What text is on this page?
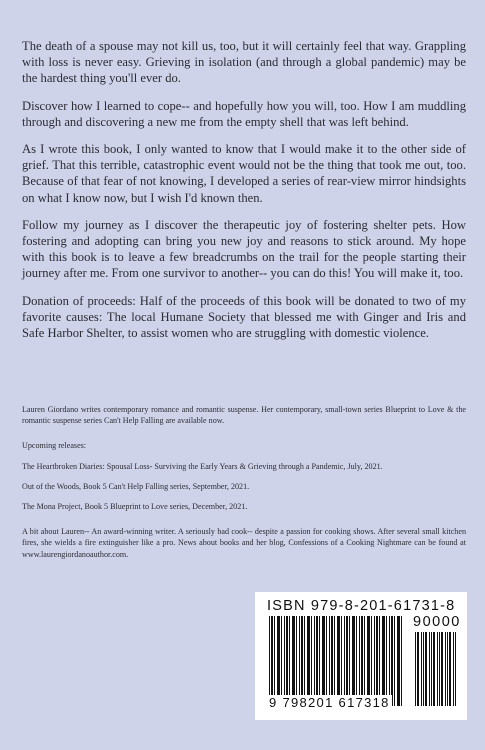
The death of a spouse may not kill us, too, but it will certainly feel that way. Grappling with loss is never easy. Grieving in isolation (and through a global pandemic) may be the hardest thing you'll ever do.

Discover how I learned to cope-- and hopefully how you will, too. How I am muddling through and discovering a new me from the empty shell that was left behind.

As I wrote this book, I only wanted to know that I would make it to the other side of grief. That this terrible, catastrophic event would not be the thing that took me out, too. Because of that fear of not knowing, I developed a series of rear-view mirror hindsights on what I know now, but I wish I'd known then.

Follow my journey as I discover the therapeutic joy of fostering shelter pets. How fostering and adopting can bring you new joy and reasons to stick around. My hope with this book is to leave a few breadcrumbs on the trail for the people starting their journey after me. From one survivor to another-- you can do this! You will make it, too.

Donation of proceeds: Half of the proceeds of this book will be donated to two of my favorite causes: The local Humane Society that blessed me with Ginger and Iris and Safe Harbor Shelter, to assist women who are struggling with domestic violence.

Lauren Giordano writes contemporary romance and romantic suspense. Her contemporary, small-town series Blueprint to Love & the romantic suspense series Can't Help Falling are available now.

Upcoming releases:

The Heartbroken Diaries: Spousal Loss- Surviving the Early Years & Grieving through a Pandemic, July, 2021.

Out of the Woods, Book 5 Can't Help Falling series, September, 2021.

The Mona Project, Book 5 Blueprint to Love series, December, 2021.

A bit about Lauren-- An award-winning writer. A seriously bad cook-- despite a passion for cooking shows. After several small kitchen fires, she wields a fire extinguisher like a pro. News about books and her blog, Confessions of a Cooking Nightmare can be found at www.laurengiordanoauthor.com.

ISBN 979-8-201-61731-8
90000
9 798201 617318
